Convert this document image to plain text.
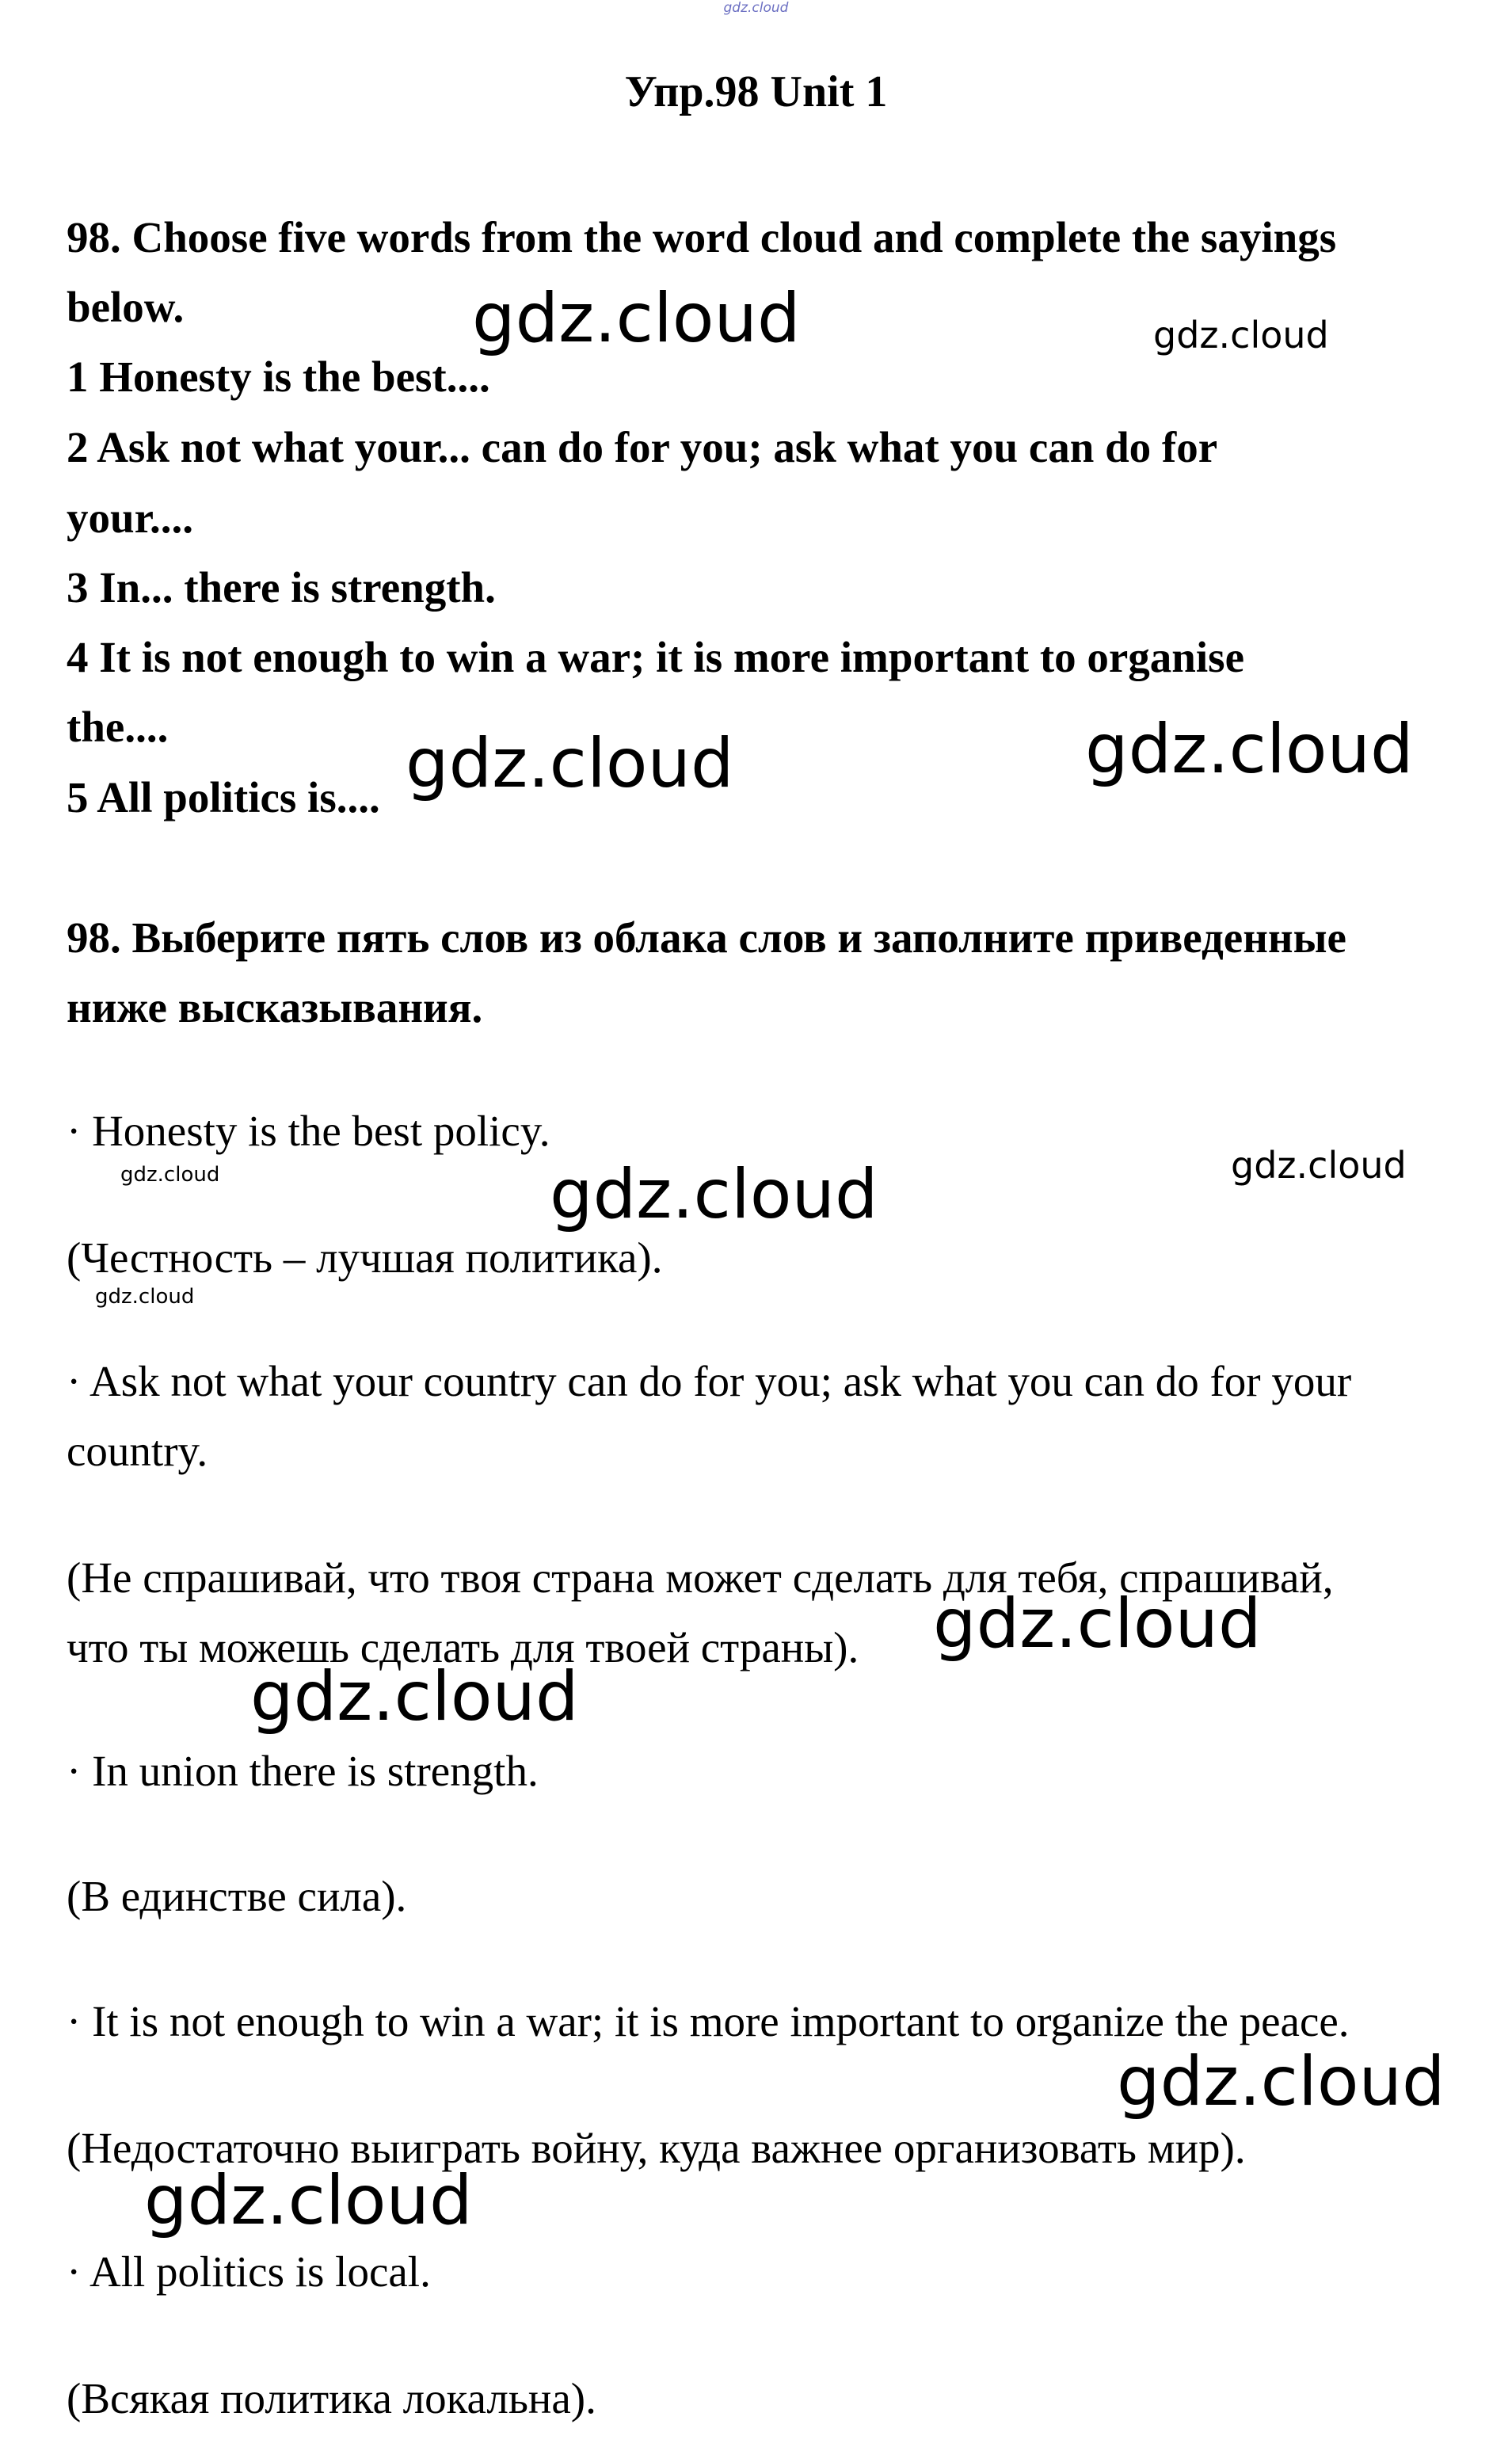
gdz.cloud
Упр.98 Unit 1
98. Choose five words from the word cloud and complete the sayings
below.
1 Honesty is the best....
2 Ask not what your... can do for you; ask what you can do for
your....
3 In... there is strength.
4 It is not enough to win a war; it is more important to organise
the....
5 All politics is....
98. Выберите пять слов из облака слов и заполните приведенные
ниже высказывания.
· Honesty is the best policy.
(Честность – лучшая политика).
· Ask not what your country can do for you; ask what you can do for your
country.
(Не спрашивай, что твоя страна может сделать для тебя, спрашивай,
что ты можешь сделать для твоей страны).
· In union there is strength.
(В единстве сила).
· It is not enough to win a war; it is more important to organize the peace.
(Недостаточно выиграть войну, куда важнее организовать мир).
· All politics is local.
(Всякая политика локальна).
gdz.cloud	gdz.cloud
gdz.cloud	gdz.cloud
gdz.cloud	gdz.cloud	gdz.cloud
gdz.cloud
gdz.cloud
gdz.cloud
gdz.cloud
gdz.cloud
